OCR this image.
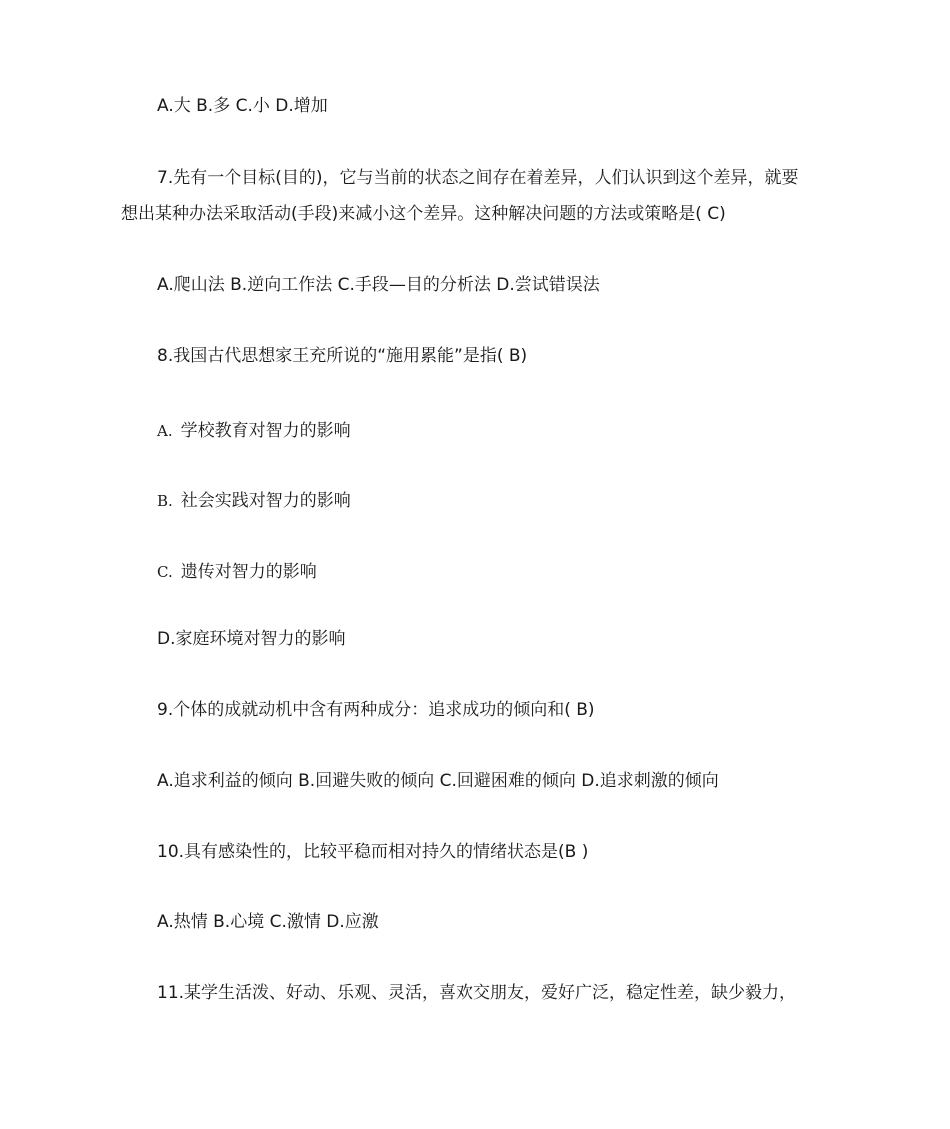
A.大 B.多 C.小 D.增加
7.先有一个目标(目的)，它与当前的状态之间存在着差异，人们认识到这个差异，就要
想出某种办法采取活动(手段)来减小这个差异。这种解决问题的方法或策略是( C)
A.爬山法 B.逆向工作法 C.手段—目的分析法 D.尝试错误法
8.我国古代思想家王充所说的“施用累能”是指( B)
A. 学校教育对智力的影响
B. 社会实践对智力的影响
C. 遗传对智力的影响
D.家庭环境对智力的影响
9.个体的成就动机中含有两种成分：追求成功的倾向和( B)
A.追求利益的倾向 B.回避失败的倾向 C.回避困难的倾向 D.追求刺激的倾向
10.具有感染性的，比较平稳而相对持久的情绪状态是(B )
A.热情 B.心境 C.激情 D.应激
11.某学生活泼、好动、乐观、灵活，喜欢交朋友，爱好广泛，稳定性差，缺少毅力，
